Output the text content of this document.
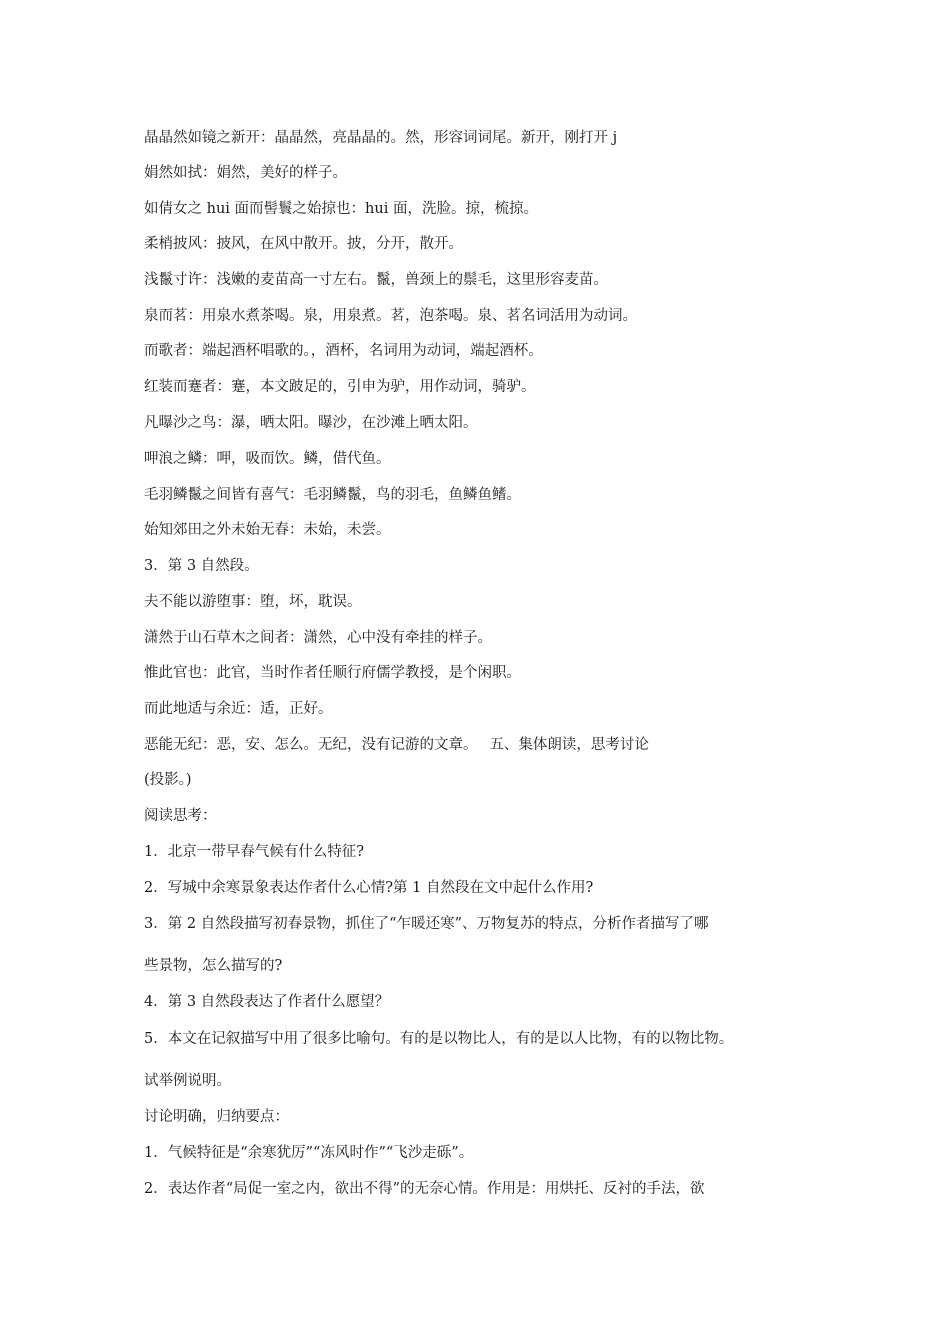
晶晶然如镜之新开：晶晶然，亮晶晶的。然，形容词词尾。新开，刚打开 j
娟然如拭：娟然，美好的样子。
如倩女之 hui 面而髻鬟之始掠也：hui 面，洗脸。掠，梳掠。
柔梢披风：披风，在风中散开。披，分开，散开。
浅鬣寸许：浅嫩的麦苗高一寸左右。鬣，兽颈上的鬃毛，这里形容麦苗。
泉而茗：用泉水煮茶喝。泉，用泉煮。茗，泡茶喝。泉、茗名词活用为动词。
而歌者：端起酒杯唱歌的。，酒杯，名词用为动词，端起酒杯。
红装而蹇者：蹇，本文跛足的，引申为驴，用作动词，骑驴。
凡曝沙之鸟：瀑，晒太阳。曝沙，在沙滩上晒太阳。
呷浪之鳞：呷，吸而饮。鳞，借代鱼。
毛羽鳞鬣之间皆有喜气：毛羽鳞鬣，鸟的羽毛，鱼鳞鱼鳍。
始知郊田之外未始无春：未始，未尝。
3．第 3 自然段。
夫不能以游堕事：堕，坏，耽误。
潇然于山石草木之间者：潇然，心中没有牵挂的样子。
惟此官也：此官，当时作者任顺行府儒学教授，是个闲职。
而此地适与余近：适，正好。
恶能无纪：恶，安、怎么。无纪，没有记游的文章。　 五、集体朗读，思考讨论
(投影。)
阅读思考：
1．北京一带早春气候有什么特征?
2．写城中余寒景象表达作者什么心情?第 1 自然段在文中起什么作用?
3．第 2 自然段描写初春景物，抓住了“乍暖还寒”、万物复苏的特点，分析作者描写了哪
些景物，怎么描写的?
4．第 3 自然段表达了作者什么愿望？
5．本文在记叙描写中用了很多比喻句。有的是以物比人，有的是以人比物，有的以物比物。
试举例说明。
讨论明确，归纳要点：
1．气候特征是“余寒犹厉”“冻风时作”“飞沙走砾”。
2．表达作者“局促一室之内，欲出不得”的无奈心情。作用是：用烘托、反衬的手法，欲
